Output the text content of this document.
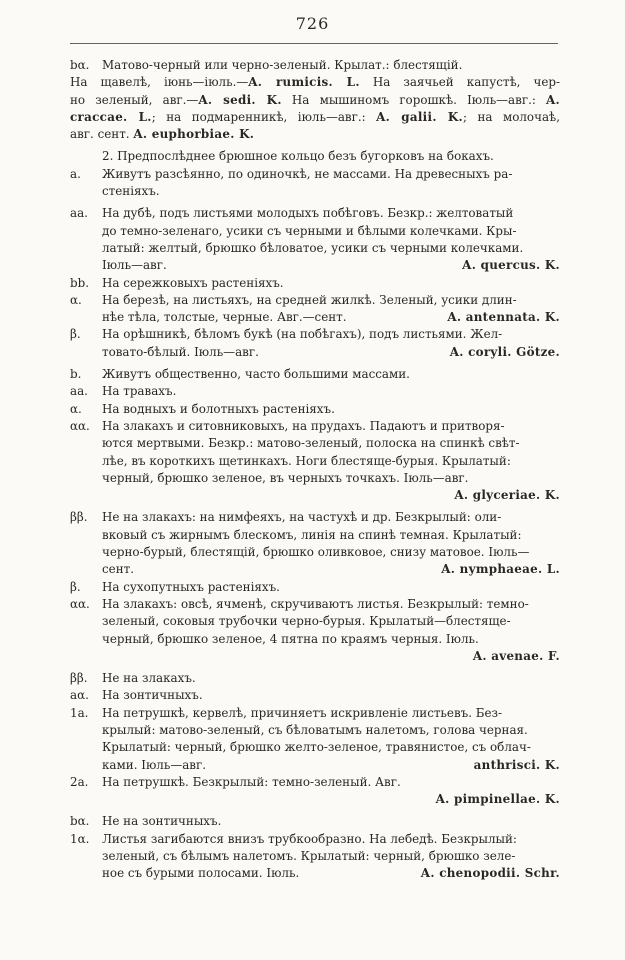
726
bα. Матово-черный или черно-зеленый. Крылат.: блестящій.
На щавелѣ, іюнь—іюль.—A. rumicis. L. На заячьей капустѣ, чер-
но зеленый, авг.—A. sedi. K. На мышиномъ горошкѣ. Іюль—авг.: A.
craccae. L.; на подмаренникѣ, іюль—авг.: A. galii. K.; на молочаѣ,
авг. сент. A. euphorbiae. K.
2. Предпослѣднее брюшное кольцо безъ бугорковъ на бокахъ.
a. Живутъ разсѣянно, по одиночкѣ, не массами. На древесныхъ ра-
стеніяхъ.
aa. На дубѣ, подъ листьями молодыхъ побѣговъ. Безкр.: желтоватый
до темно-зеленаго, усики съ черными и бѣлыми колечками. Кры-
латый: желтый, брюшко бѣловатое, усики съ черными колечками.
Іюль—авг.	A. quercus. K.
bb. На сережковыхъ растеніяхъ.
α. На березѣ, на листьяхъ, на средней жилкѣ. Зеленый, усики длин-
нѣе тѣла, толстые, черные. Авг.—сент.	A. antennata. K.
β. На орѣшникѣ, бѣломъ букѣ (на побѣгахъ), подъ листьями. Жел-
товато-бѣлый. Іюль—авг.	A. coryli. Götze.
b. Живутъ общественно, часто большими массами.
aa. На травахъ.
α. На водныхъ и болотныхъ растеніяхъ.
αα. На злакахъ и ситовниковыхъ, на прудахъ. Падаютъ и притворя-
ются мертвыми. Безкр.: матово-зеленый, полоска на спинкѣ свѣт-
лѣе, въ короткихъ щетинкахъ. Ноги блестяще-бурыя. Крылатый:
черный, брюшко зеленое, въ черныхъ точкахъ. Іюль—авг.
A. glyceriae. K.
ββ. Не на злакахъ: на нимфеяхъ, на частухѣ и др. Безкрылый: оли-
вковый съ жирнымъ блескомъ, линія на спинѣ темная. Крылатый:
черно-бурый, блестящій, брюшко оливковое, снизу матовое. Іюль—
сент.	A. nymphaeae. L.
β. На сухопутныхъ растеніяхъ.
αα. На злакахъ: овсѣ, ячменѣ, скручиваютъ листья. Безкрылый: темно-
зеленый, соковыя трубочки черно-бурыя. Крылатый—блестяще-
черный, брюшко зеленое, 4 пятна по краямъ черныя. Іюль.
A. avenae. F.
ββ. Не на злакахъ.
aα. На зонтичныхъ.
1a. На петрушкѣ, кервелѣ, причиняетъ искривленіе листьевъ. Без-
крылый: матово-зеленый, съ бѣловатымъ налетомъ, голова черная.
Крылатый: черный, брюшко желто-зеленое, травянистое, съ облач-
ками. Іюль—авг.	anthrisci. K.
2a. На петрушкѣ. Безкрылый: темно-зеленый. Авг.
A. pimpinellae. K.
bα. Не на зонтичныхъ.
1α. Листья загибаются внизъ трубкообразно. На лебедѣ. Безкрылый:
зеленый, съ бѣлымъ налетомъ. Крылатый: черный, брюшко зеле-
ное съ бурыми полосами. Іюль.	A. chenopodii. Schr.
